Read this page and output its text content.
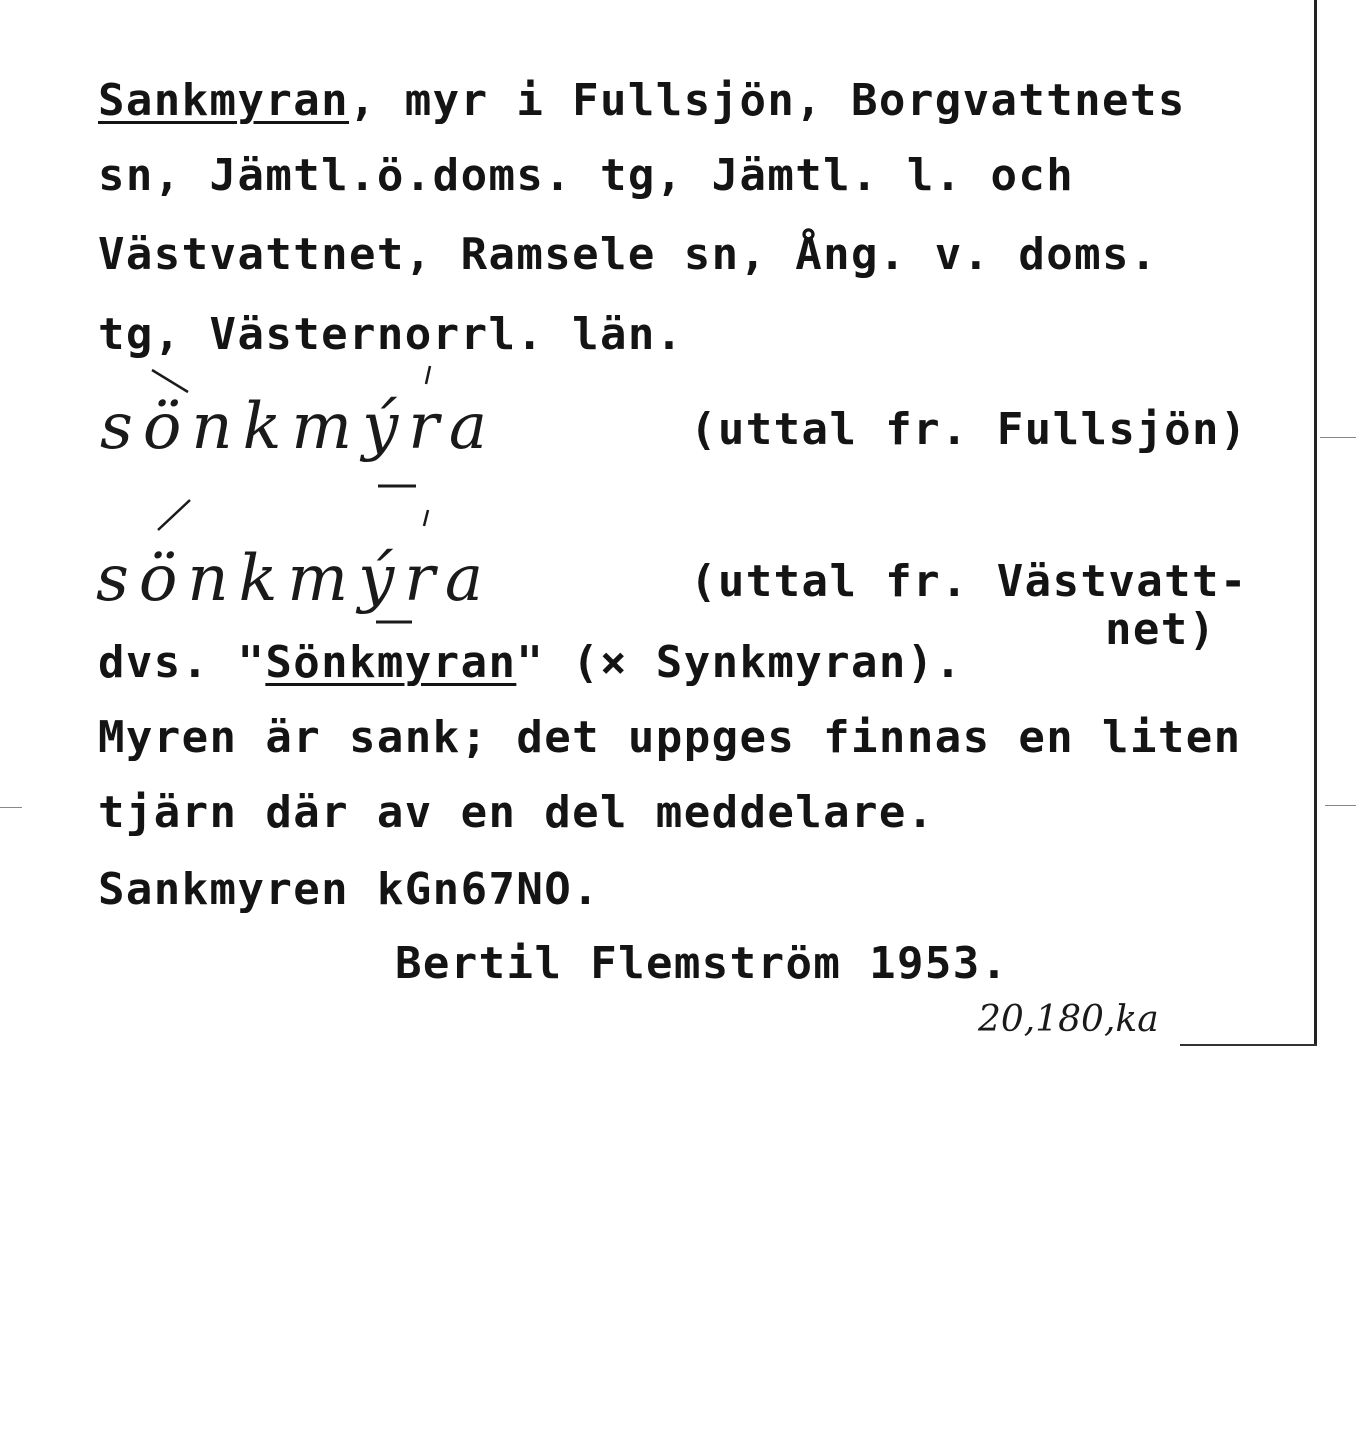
Sankmyran, myr i Fullsjön, Borgvattnets
sn, Jämtl.ö.doms. tg, Jämtl. l. och
Västvattnet, Ramsele sn, Ång. v. doms.
tg, Västernorrl. län.
sönkmýra	(uttal fr. Fullsjön)
sönkmýra	(uttal fr. Västvatt-
net)
dvs. "Sönkmyran" (× Synkmyran).
Myren är sank; det uppges finnas en liten
tjärn där av en del meddelare.
Sankmyren kGn67NO.
Bertil Flemström 1953.
20,180,ka
